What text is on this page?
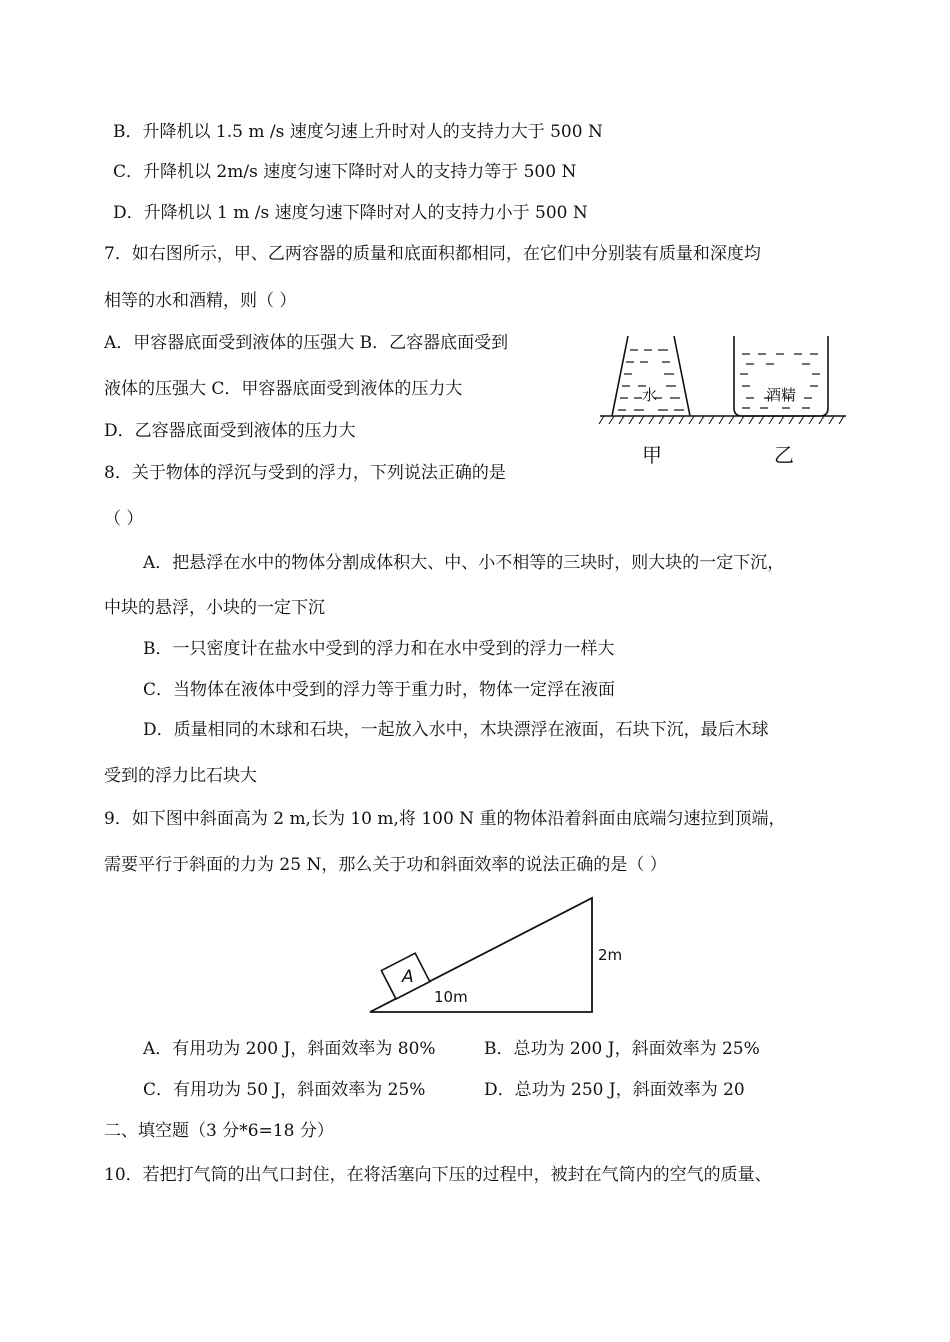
B．升降机以 1.5 m /s 速度匀速上升时对人的支持力大于 500 N
C．升降机以 2m/s 速度匀速下降时对人的支持力等于 500 N
D．升降机以 1 m /s 速度匀速下降时对人的支持力小于 500 N
7．如右图所示，甲、乙两容器的质量和底面积都相同，在它们中分别装有质量和深度均
相等的水和酒精，则（ ）
A．甲容器底面受到液体的压强大 B．乙容器底面受到
液体的压强大 C．甲容器底面受到液体的压力大
D．乙容器底面受到液体的压力大
水	酒精
甲	乙
8．关于物体的浮沉与受到的浮力，下列说法正确的是
（ ）
A．把悬浮在水中的物体分割成体积大、中、小不相等的三块时，则大块的一定下沉，
中块的悬浮，小块的一定下沉
B．一只密度计在盐水中受到的浮力和在水中受到的浮力一样大
C．当物体在液体中受到的浮力等于重力时，物体一定浮在液面
D．质量相同的木球和石块，一起放入水中，木块漂浮在液面，石块下沉，最后木球
受到的浮力比石块大
9．如下图中斜面高为 2 m,长为 10 m,将 100 N 重的物体沿着斜面由底端匀速拉到顶端，
需要平行于斜面的力为 25 N，那么关于功和斜面效率的说法正确的是（ ）
A
10m
2m
A．有用功为 200 J，斜面效率为 80%	B．总功为 200 J，斜面效率为 25%
C．有用功为 50 J，斜面效率为 25%	D．总功为 250 J，斜面效率为 20
二、填空题（3 分*6=18 分）
10．若把打气筒的出气口封住，在将活塞向下压的过程中，被封在气筒内的空气的质量、
